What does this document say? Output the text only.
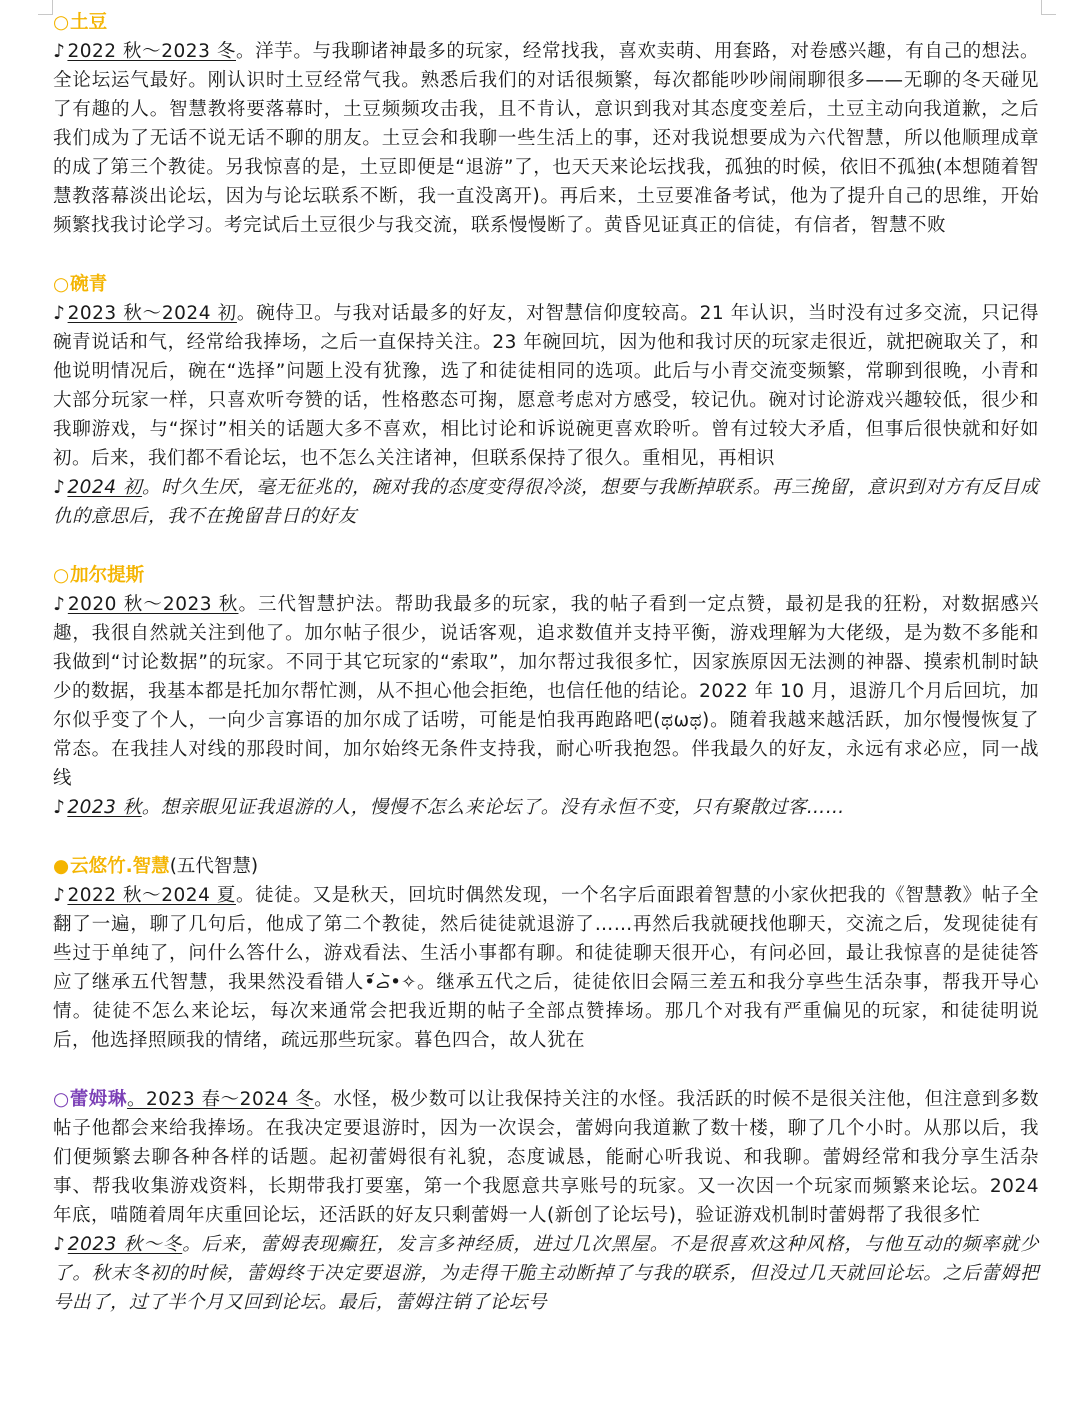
○土豆

♪ 2022 秋～2023 冬。洋芋。与我聊诸神最多的玩家，经常找我，喜欢卖萌、用套路，对卷感兴趣，有自己的想法。全论坛运气最好。刚认识时土豆经常气我。熟悉后我们的对话很频繁，每次都能吵吵闹闹聊很多——无聊的冬天碰见了有趣的人。智慧教将要落幕时，土豆频频攻击我，且不肯认，意识到我对其态度变差后，土豆主动向我道歉，之后我们成为了无话不说无话不聊的朋友。土豆会和我聊一些生活上的事，还对我说想要成为六代智慧，所以他顺理成章的成了第三个教徒。另我惊喜的是，土豆即便是“退游”了，也天天来论坛找我，孤独的时候，依旧不孤独(本想随着智慧教落幕淡出论坛，因为与论坛联系不断，我一直没离开)。再后来，土豆要准备考试，他为了提升自己的思维，开始频繁找我讨论学习。考完试后土豆很少与我交流，联系慢慢断了。黄昏见证真正的信徒，有信者，智慧不败

○碗青

♪ 2023 秋～2024 初。碗侍卫。与我对话最多的好友，对智慧信仰度较高。21 年认识，当时没有过多交流，只记得碗青说话和气，经常给我捧场，之后一直保持关注。23 年碗回坑，因为他和我讨厌的玩家走很近，就把碗取关了，和他说明情况后，碗在“选择”问题上没有犹豫，选了和徒徒相同的选项。此后与小青交流变频繁，常聊到很晚，小青和大部分玩家一样，只喜欢听夸赞的话，性格憨态可掬，愿意考虑对方感受，较记仇。碗对讨论游戏兴趣较低，很少和我聊游戏，与“探讨”相关的话题大多不喜欢，相比讨论和诉说碗更喜欢聆听。曾有过较大矛盾，但事后很快就和好如初。后来，我们都不看论坛，也不怎么关注诸神，但联系保持了很久。重相见，再相识

♪ 2024 初。时久生厌，毫无征兆的，碗对我的态度变得很冷淡，想要与我断掉联系。再三挽留，意识到对方有反目成仇的意思后，我不在挽留昔日的好友

○加尔提斯

♪ 2020 秋～2023 秋。三代智慧护法。帮助我最多的玩家，我的帖子看到一定点赞，最初是我的狂粉，对数据感兴趣，我很自然就关注到他了。加尔帖子很少，说话客观，追求数值并支持平衡，游戏理解为大佬级，是为数不多能和我做到“讨论数据”的玩家。不同于其它玩家的“索取”，加尔帮过我很多忙，因家族原因无法测的神器、摸索机制时缺少的数据，我基本都是托加尔帮忙测，从不担心他会拒绝，也信任他的结论。2022 年 10 月，退游几个月后回坑，加尔似乎变了个人，一向少言寡语的加尔成了话唠，可能是怕我再跑路吧(ಥωಥ)。随着我越来越活跃，加尔慢慢恢复了常态。在我挂人对线的那段时间，加尔始终无条件支持我，耐心听我抱怨。伴我最久的好友，永远有求必应，同一战线

♪ 2023 秋。想亲眼见证我退游的人，慢慢不怎么来论坛了。没有永恒不变，只有聚散过客……

●云悠竹.智慧(五代智慧)

♪ 2022 秋～2024 夏。徒徒。又是秋天，回坑时偶然发现，一个名字后面跟着智慧的小家伙把我的《智慧教》帖子全翻了一遍，聊了几句后，他成了第二个教徒，然后徒徒就退游了……再然后我就硬找他聊天，交流之后，发现徒徒有些过于单纯了，问什么答什么，游戏看法、生活小事都有聊。和徒徒聊天很开心，有问必回，最让我惊喜的是徒徒答应了继承五代智慧，我果然没看错人•᷄ࡇ•᷅✧。继承五代之后，徒徒依旧会隔三差五和我分享些生活杂事，帮我开导心情。徒徒不怎么来论坛，每次来通常会把我近期的帖子全部点赞捧场。那几个对我有严重偏见的玩家，和徒徒明说后，他选择照顾我的情绪，疏远那些玩家。暮色四合，故人犹在

○蕾姆琳。2023 春～2024 冬。水怪，极少数可以让我保持关注的水怪。我活跃的时候不是很关注他，但注意到多数帖子他都会来给我捧场。在我决定要退游时，因为一次误会，蕾姆向我道歉了数十楼，聊了几个小时。从那以后，我们便频繁去聊各种各样的话题。起初蕾姆很有礼貌，态度诚恳，能耐心听我说、和我聊。蕾姆经常和我分享生活杂事、帮我收集游戏资料，长期带我打要塞，第一个我愿意共享账号的玩家。又一次因一个玩家而频繁来论坛。2024 年底，喵随着周年庆重回论坛，还活跃的好友只剩蕾姆一人(新创了论坛号)，验证游戏机制时蕾姆帮了我很多忙

♪ 2023 秋～冬。后来，蕾姆表现癫狂，发言多神经质，进过几次黑屋。不是很喜欢这种风格，与他互动的频率就少了。秋末冬初的时候，蕾姆终于决定要退游，为走得干脆主动断掉了与我的联系，但没过几天就回论坛。之后蕾姆把号出了，过了半个月又回到论坛。最后，蕾姆注销了论坛号
